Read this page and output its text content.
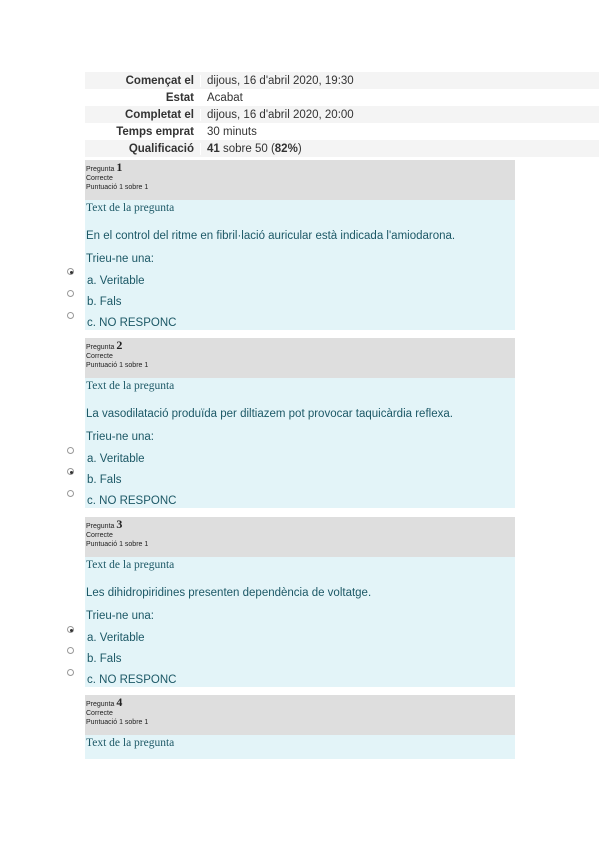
Començat el	dijous, 16 d'abril 2020, 19:30
Estat	Acabat
Completat el	dijous, 16 d'abril 2020, 20:00
Temps emprat	30 minuts
Qualificació	41 sobre 50 (82%)
Pregunta 1
Correcte
Puntuació 1 sobre 1
Text de la pregunta
En el control del ritme en fibril·lació auricular està indicada l'amiodarona.
Trieu-ne una:
a. Veritable
b. Fals
c. NO RESPONC
Pregunta 2
Correcte
Puntuació 1 sobre 1
Text de la pregunta
La vasodilatació produïda per diltiazem pot provocar taquicàrdia reflexa.
Trieu-ne una:
a. Veritable
b. Fals
c. NO RESPONC
Pregunta 3
Correcte
Puntuació 1 sobre 1
Text de la pregunta
Les dihidropiridines presenten dependència de voltatge.
Trieu-ne una:
a. Veritable
b. Fals
c. NO RESPONC
Pregunta 4
Correcte
Puntuació 1 sobre 1
Text de la pregunta
